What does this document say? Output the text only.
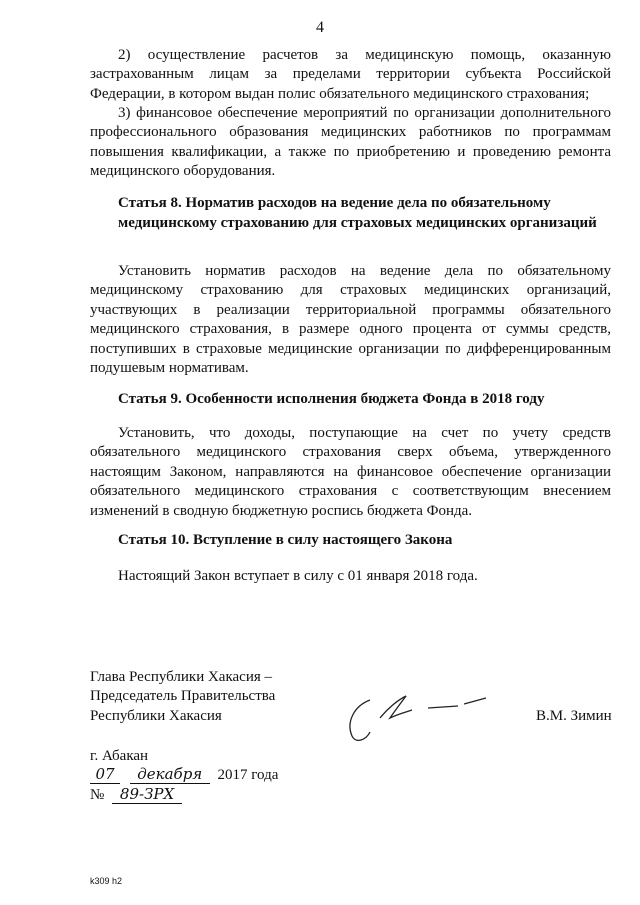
4

2) осуществление расчетов за медицинскую помощь, оказанную застрахованным лицам за пределами территории субъекта Российской Федерации, в котором выдан полис обязательного медицинского страхования;

3) финансовое обеспечение мероприятий по организации дополнительного профессионального образования медицинских работников по программам повышения квалификации, а также по приобретению и проведению ремонта медицинского оборудования.

Статья 8. Норматив расходов на ведение дела по обязательному медицинскому страхованию для страховых медицинских организаций

Установить норматив расходов на ведение дела по обязательному медицинскому страхованию для страховых медицинских организаций, участвующих в реализации территориальной программы обязательного медицинского страхования, в размере одного процента от суммы средств, поступивших в страховые медицинские организации по дифференцированным подушевым нормативам.

Статья 9. Особенности исполнения бюджета Фонда в 2018 году

Установить, что доходы, поступающие на счет по учету средств обязательного медицинского страхования сверх объема, утвержденного настоящим Законом, направляются на финансовое обеспечение организации обязательного медицинского страхования с соответствующим внесением изменений в сводную бюджетную роспись бюджета Фонда.

Статья 10. Вступление в силу настоящего Закона

Настоящий Закон вступает в силу с 01 января 2018 года.

Глава Республики Хакасия –
Председатель Правительства
Республики Хакасия	В.М. Зимин
г. Абакан
07 декабря 2017 года
№ 89-ЗРХ
k309 h2
